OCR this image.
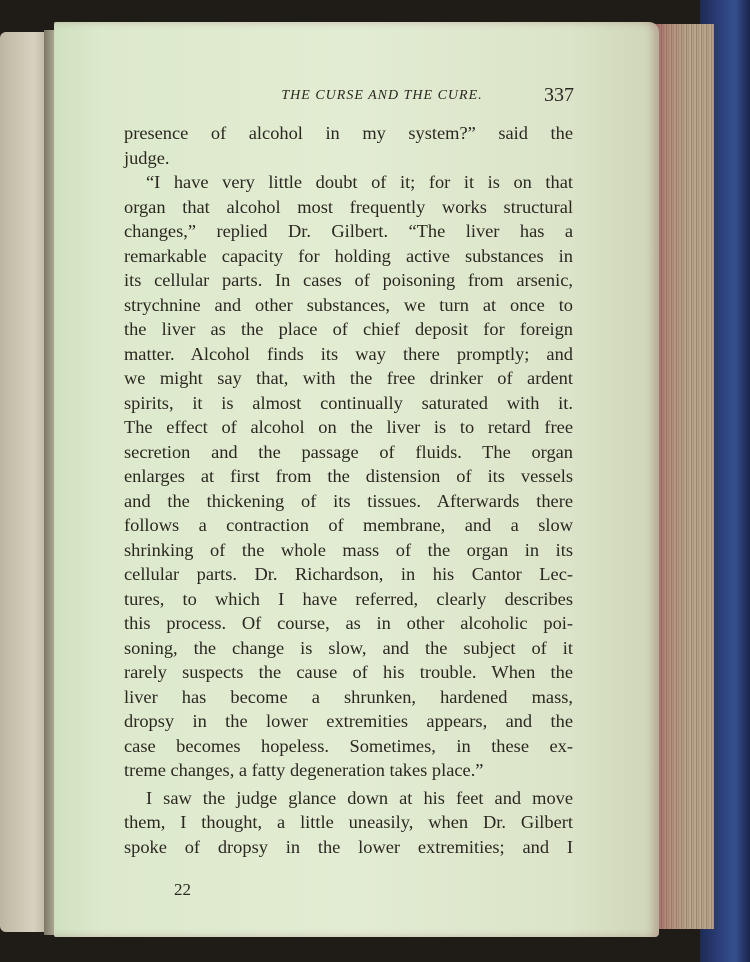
THE CURSE AND THE CURE.	337
presence of alcohol in my system?” said the
judge.
“I have very little doubt of it; for it is on that
organ that alcohol most frequently works structural
changes,” replied Dr. Gilbert. “The liver has a
remarkable capacity for holding active substances in
its cellular parts. In cases of poisoning from arsenic,
strychnine and other substances, we turn at once to
the liver as the place of chief deposit for foreign
matter. Alcohol finds its way there promptly; and
we might say that, with the free drinker of ardent
spirits, it is almost continually saturated with it.
The effect of alcohol on the liver is to retard free
secretion and the passage of fluids. The organ
enlarges at first from the distension of its vessels
and the thickening of its tissues. Afterwards there
follows a contraction of membrane, and a slow
shrinking of the whole mass of the organ in its
cellular parts. Dr. Richardson, in his Cantor Lec-
tures, to which I have referred, clearly describes
this process. Of course, as in other alcoholic poi-
soning, the change is slow, and the subject of it
rarely suspects the cause of his trouble. When the
liver has become a shrunken, hardened mass,
dropsy in the lower extremities appears, and the
case becomes hopeless. Sometimes, in these ex-
treme changes, a fatty degeneration takes place.”
I saw the judge glance down at his feet and move
them, I thought, a little uneasily, when Dr. Gilbert
spoke of dropsy in the lower extremities; and I
22
